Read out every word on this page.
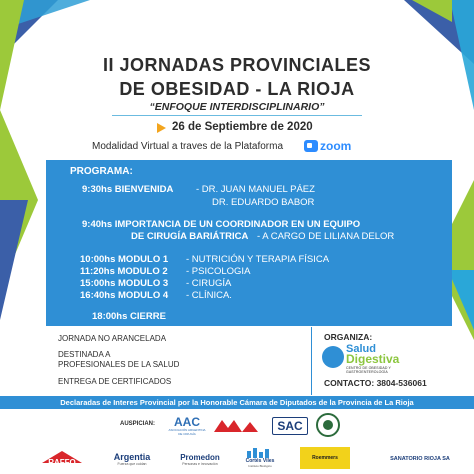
II JORNADAS PROVINCIALES
DE OBESIDAD - LA RIOJA
“ENFOQUE INTERDISCIPLINARIO”
26 de Septiembre de 2020
Modalidad Virtual a traves de la Plataforma	zoom
PROGRAMA:
9:30hs BIENVENIDA - DR. JUAN MANUEL PÁEZ
DR. EDUARDO BABOR
9:40hs IMPORTANCIA DE UN COORDINADOR EN UN EQUIPO
DE CIRUGÍA BARIÁTRICA - A CARGO DE LILIANA DELOR
10:00hs MODULO 1 - NUTRICIÓN Y TERAPIA FÍSICA
11:20hs MODULO 2 - PSICOLOGIA
15:00hs MODULO 3 - CIRUGÍA
16:40hs MODULO 4 - CLÍNICA.
18:00hs CIERRE
JORNADA NO ARANCELADA
DESTINADA A
PROFESIONALES DE LA SALUD
ENTREGA DE CERTIFICADOS
ORGANIZA:
Salud
Digestiva
CENTRO DE OBESIDAD Y GASTROENTEROLOGÍA
CONTACTO: 3804-536061
Declaradas de Interes Provincial por la Honorable Cámara de Diputados de la Provincia de La Rioja
AUSPICIAN: AAC
ASOCIACIÓN ARGENTINA DE CIRUGÍA
SAC
RAFFO	Argentia
Fuerza que cuidan
Promedon
Personas e innovación	Cortés Viles
Instituto Biológico
Roemmers	SANATORIO RIOJA SA
